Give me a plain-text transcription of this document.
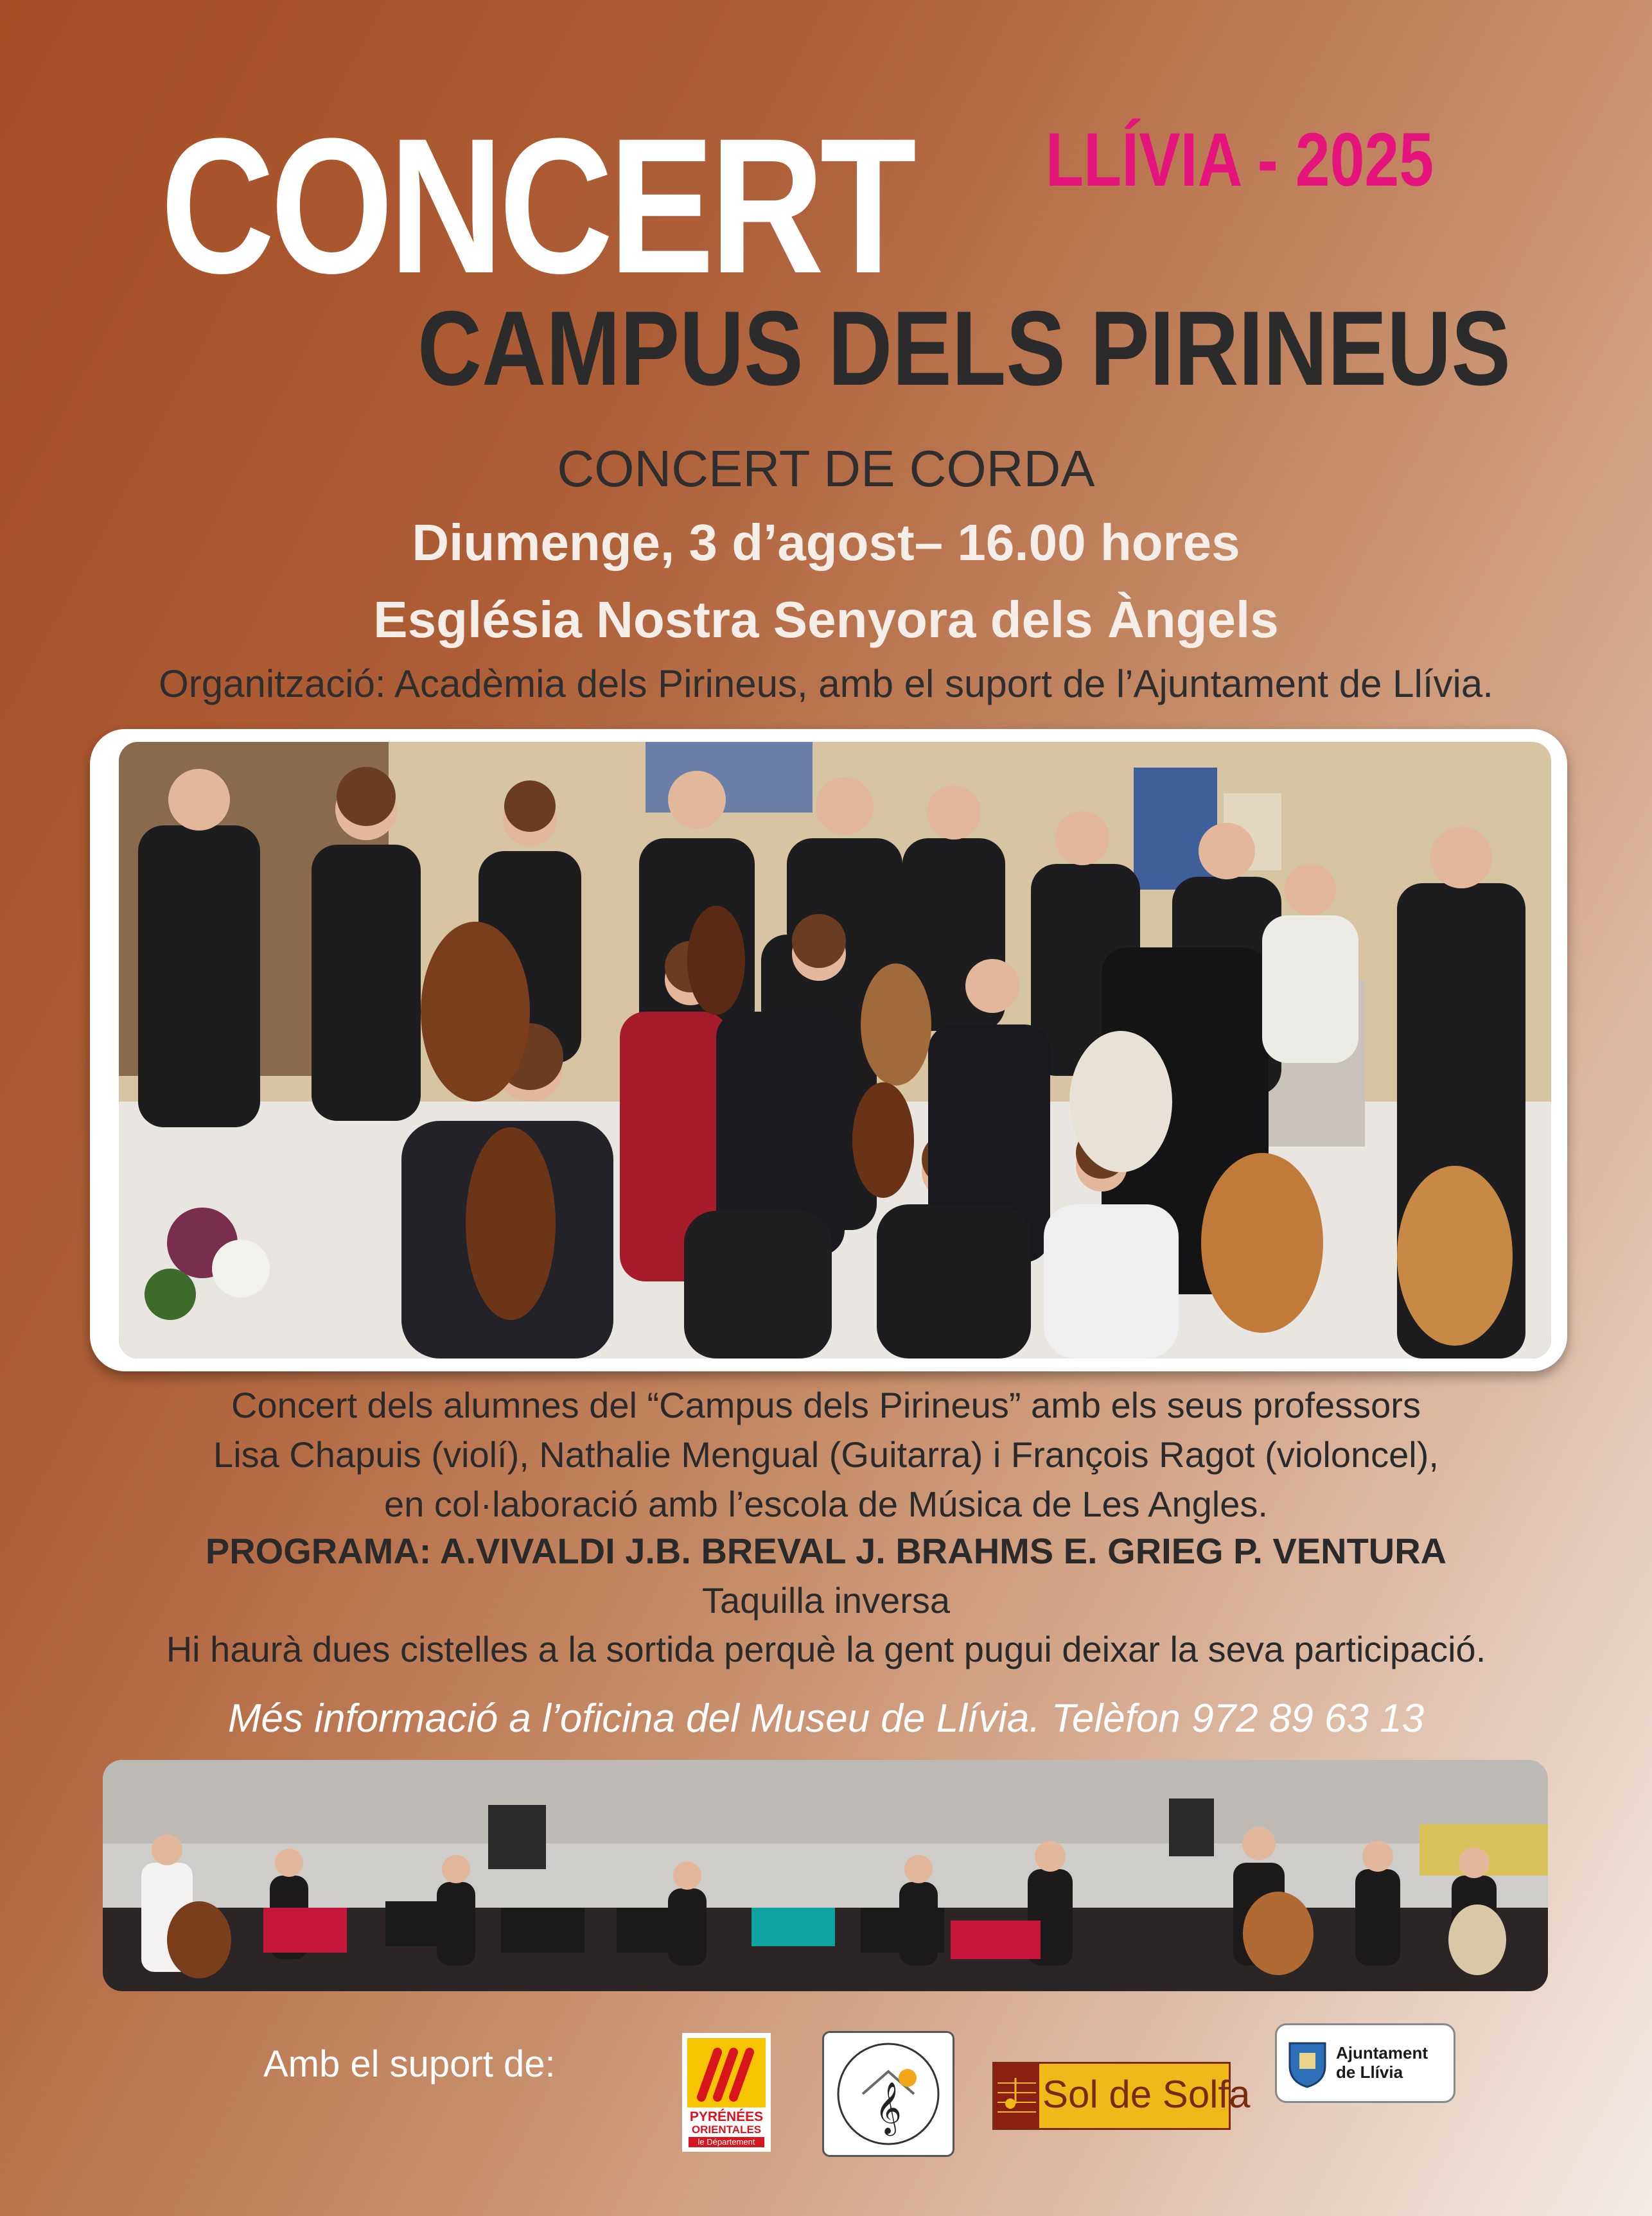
CONCERT LLÍVIA - 2025
CAMPUS DELS PIRINEUS
CONCERT DE CORDA
Diumenge, 3 d’agost– 16.00 hores
Església Nostra Senyora dels Àngels
Organització: Acadèmia dels Pirineus, amb el suport de l’Ajuntament de Llívia.
Concert dels alumnes del “Campus dels Pirineus” amb els seus professors
Lisa Chapuis (violí), Nathalie Mengual (Guitarra) i François Ragot (violoncel),
en col·laboració amb l’escola de Música de Les Angles.
PROGRAMA: A.VIVALDI J.B. BREVAL J. BRAHMS E. GRIEG P. VENTURA
Taquilla inversa
Hi haurà dues cistelles a la sortida perquè la gent pugui deixar la seva participació.
Més informació a l’oficina del Museu de Llívia. Telèfon 972 89 63 13
Amb el suport de:
PYRÉNÉES
ORIENTALES
le Département
𝄞	Sol de Solfa
Ajuntament
de Llívia
